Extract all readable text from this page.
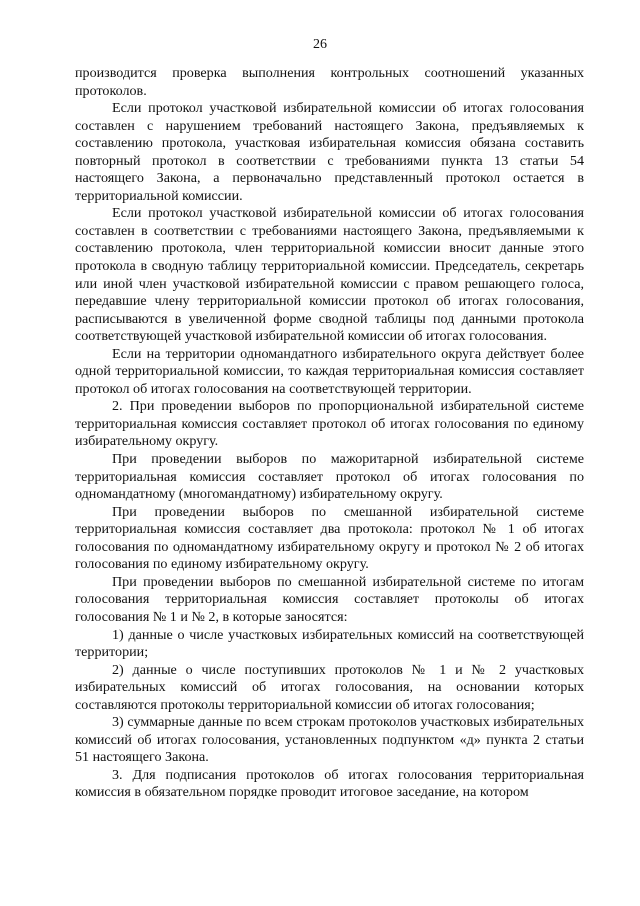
26

производится проверка выполнения контрольных соотношений указанных протоколов.

Если протокол участковой избирательной комиссии об итогах голосования составлен с нарушением требований настоящего Закона, предъявляемых к составлению протокола, участковая избирательная комиссия обязана составить повторный протокол в соответствии с требованиями пункта 13 статьи 54 настоящего Закона, а первоначально представленный протокол остается в территориальной комиссии.

Если протокол участковой избирательной комиссии об итогах голосования составлен в соответствии с требованиями настоящего Закона, предъявляемыми к составлению протокола, член территориальной комиссии вносит данные этого протокола в сводную таблицу территориальной комиссии. Председатель, секретарь или иной член участковой избирательной комиссии с правом решающего голоса, передавшие члену территориальной комиссии протокол об итогах голосования, расписываются в увеличенной форме сводной таблицы под данными протокола соответствующей участковой избирательной комиссии об итогах голосования.

Если на территории одномандатного избирательного округа действует более одной территориальной комиссии, то каждая территориальная комиссия составляет протокол об итогах голосования на соответствующей территории.

2. При проведении выборов по пропорциональной избирательной системе территориальная комиссия составляет протокол об итогах голосования по единому избирательному округу.

При проведении выборов по мажоритарной избирательной системе территориальная комиссия составляет протокол об итогах голосования по одномандатному (многомандатному) избирательному округу.

При проведении выборов по смешанной избирательной системе территориальная комиссия составляет два протокола: протокол № 1 об итогах голосования по одномандатному избирательному округу и протокол № 2 об итогах голосования по единому избирательному округу.

При проведении выборов по смешанной избирательной системе по итогам голосования территориальная комиссия составляет протоколы об итогах голосования № 1 и № 2, в которые заносятся:

1) данные о числе участковых избирательных комиссий на соответствующей территории;

2) данные о числе поступивших протоколов № 1 и № 2 участковых избирательных комиссий об итогах голосования, на основании которых составляются протоколы территориальной комиссии об итогах голосования;

3) суммарные данные по всем строкам протоколов участковых избирательных комиссий об итогах голосования, установленных подпунктом «д» пункта 2 статьи 51 настоящего Закона.

3. Для подписания протоколов об итогах голосования территориальная комиссия в обязательном порядке проводит итоговое заседание, на котором
